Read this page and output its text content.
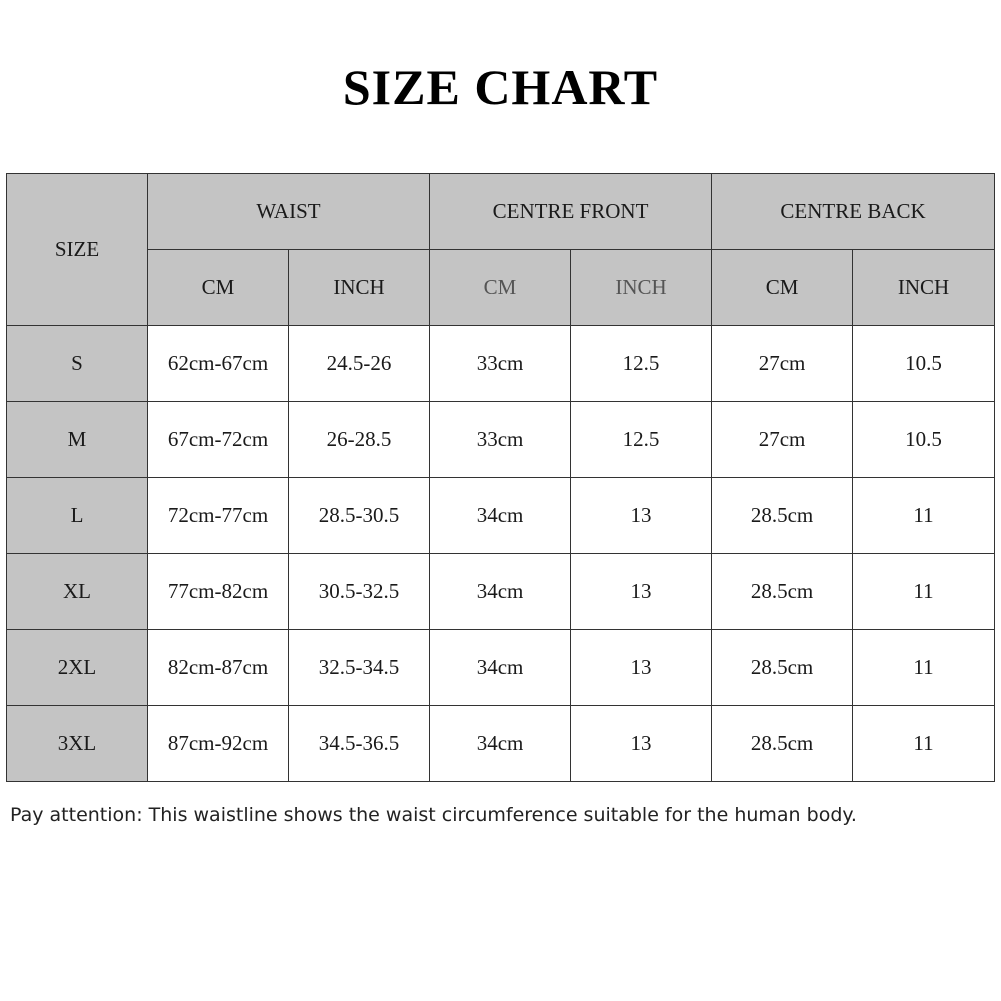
SIZE CHART
SIZE	WAIST		CENTRE FRONT		CENTRE BACK	
	CM	INCH	CM	INCH	CM	INCH
S	62cm-67cm	24.5-26	33cm	12.5	27cm	10.5
M	67cm-72cm	26-28.5	33cm	12.5	27cm	10.5
L	72cm-77cm	28.5-30.5	34cm	13	28.5cm	11
XL	77cm-82cm	30.5-32.5	34cm	13	28.5cm	11
2XL	82cm-87cm	32.5-34.5	34cm	13	28.5cm	11
3XL	87cm-92cm	34.5-36.5	34cm	13	28.5cm	11
Pay attention: This waistline shows the waist circumference suitable for the human body.
